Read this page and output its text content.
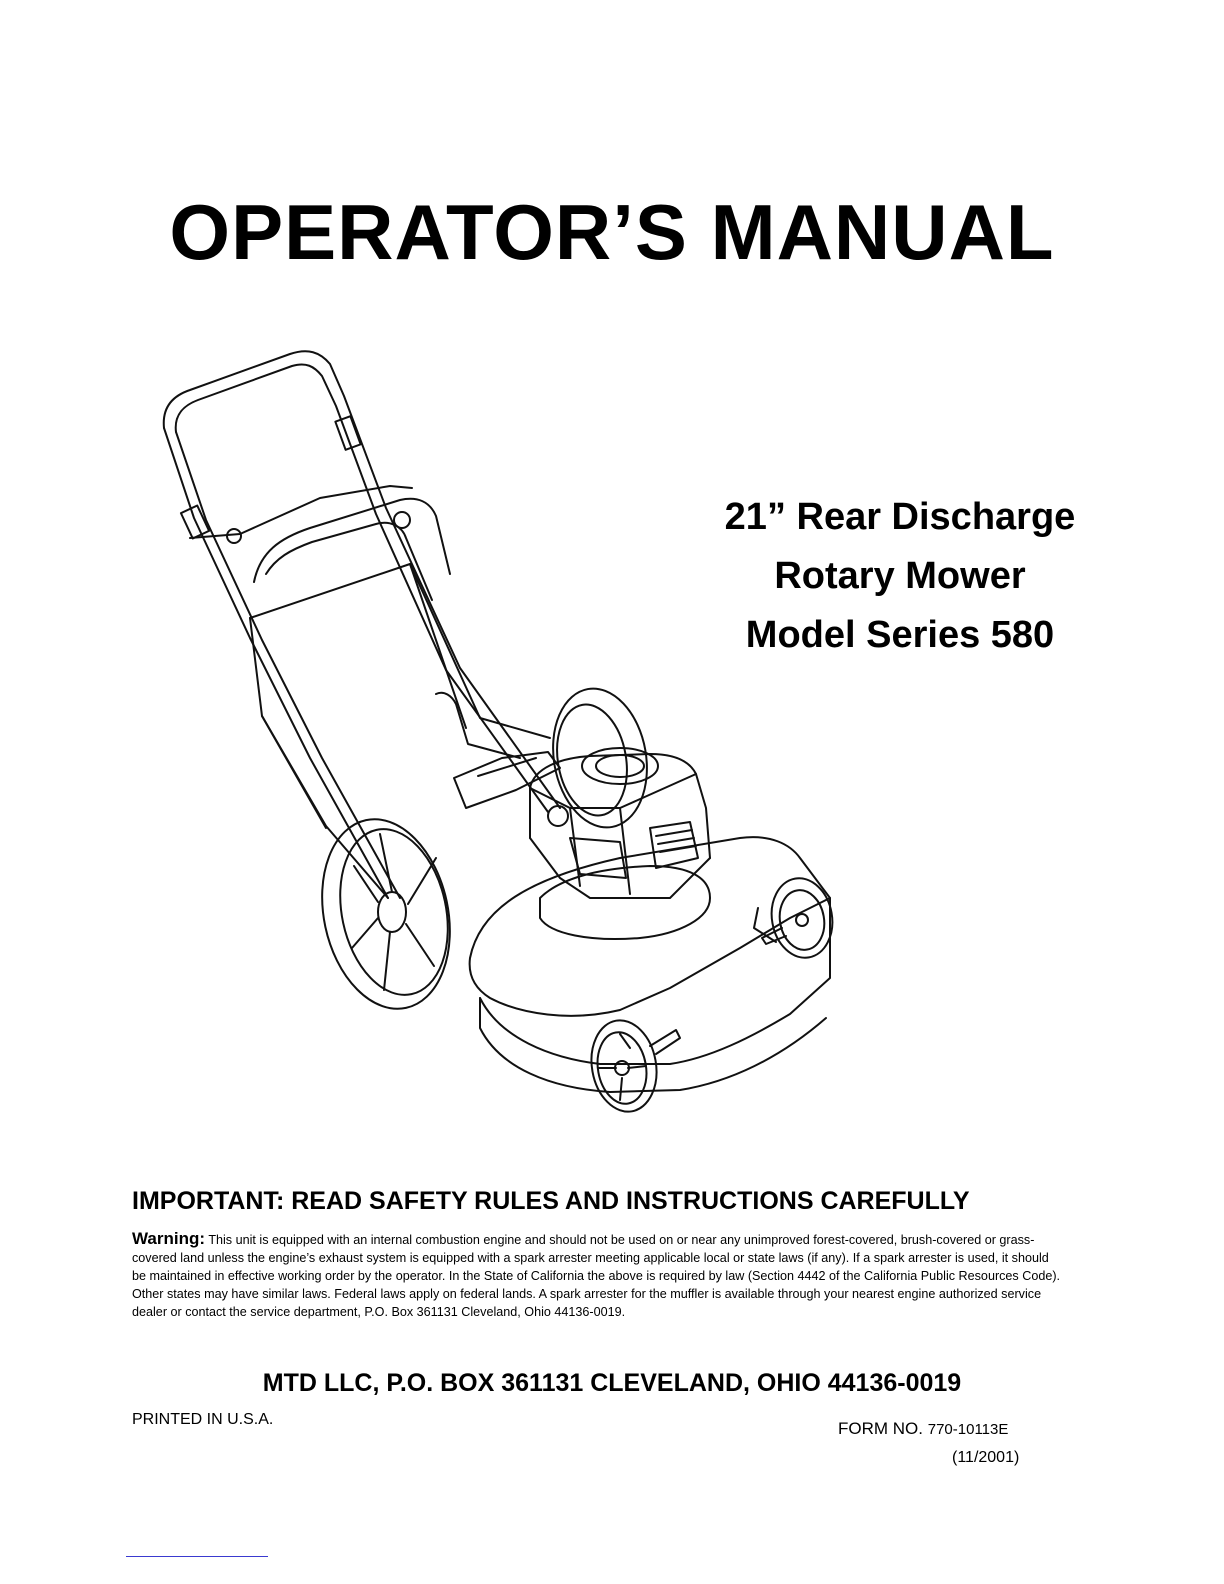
OPERATOR’S MANUAL
21” Rear Discharge
Rotary Mower
Model Series 580
IMPORTANT: READ SAFETY RULES AND INSTRUCTIONS CAREFULLY

Warning: This unit is equipped with an internal combustion engine and should not be used on or near any unimproved forest-covered, brush-covered or grass-covered land unless the engine’s exhaust system is equipped with a spark arrester meeting applicable local or state laws (if any). If a spark arrester is used, it should be maintained in effective working order by the operator. In the State of California the above is required by law (Section 4442 of the California Public Resources Code). Other states may have similar laws. Federal laws apply on federal lands. A spark arrester for the muffler is available through your nearest engine authorized service dealer or contact the service department, P.O. Box 361131 Cleveland, Ohio 44136-0019.

MTD LLC, P.O. BOX 361131 CLEVELAND, OHIO 44136-0019
PRINTED IN U.S.A.	FORM NO. 770-10113E
(11/2001)
